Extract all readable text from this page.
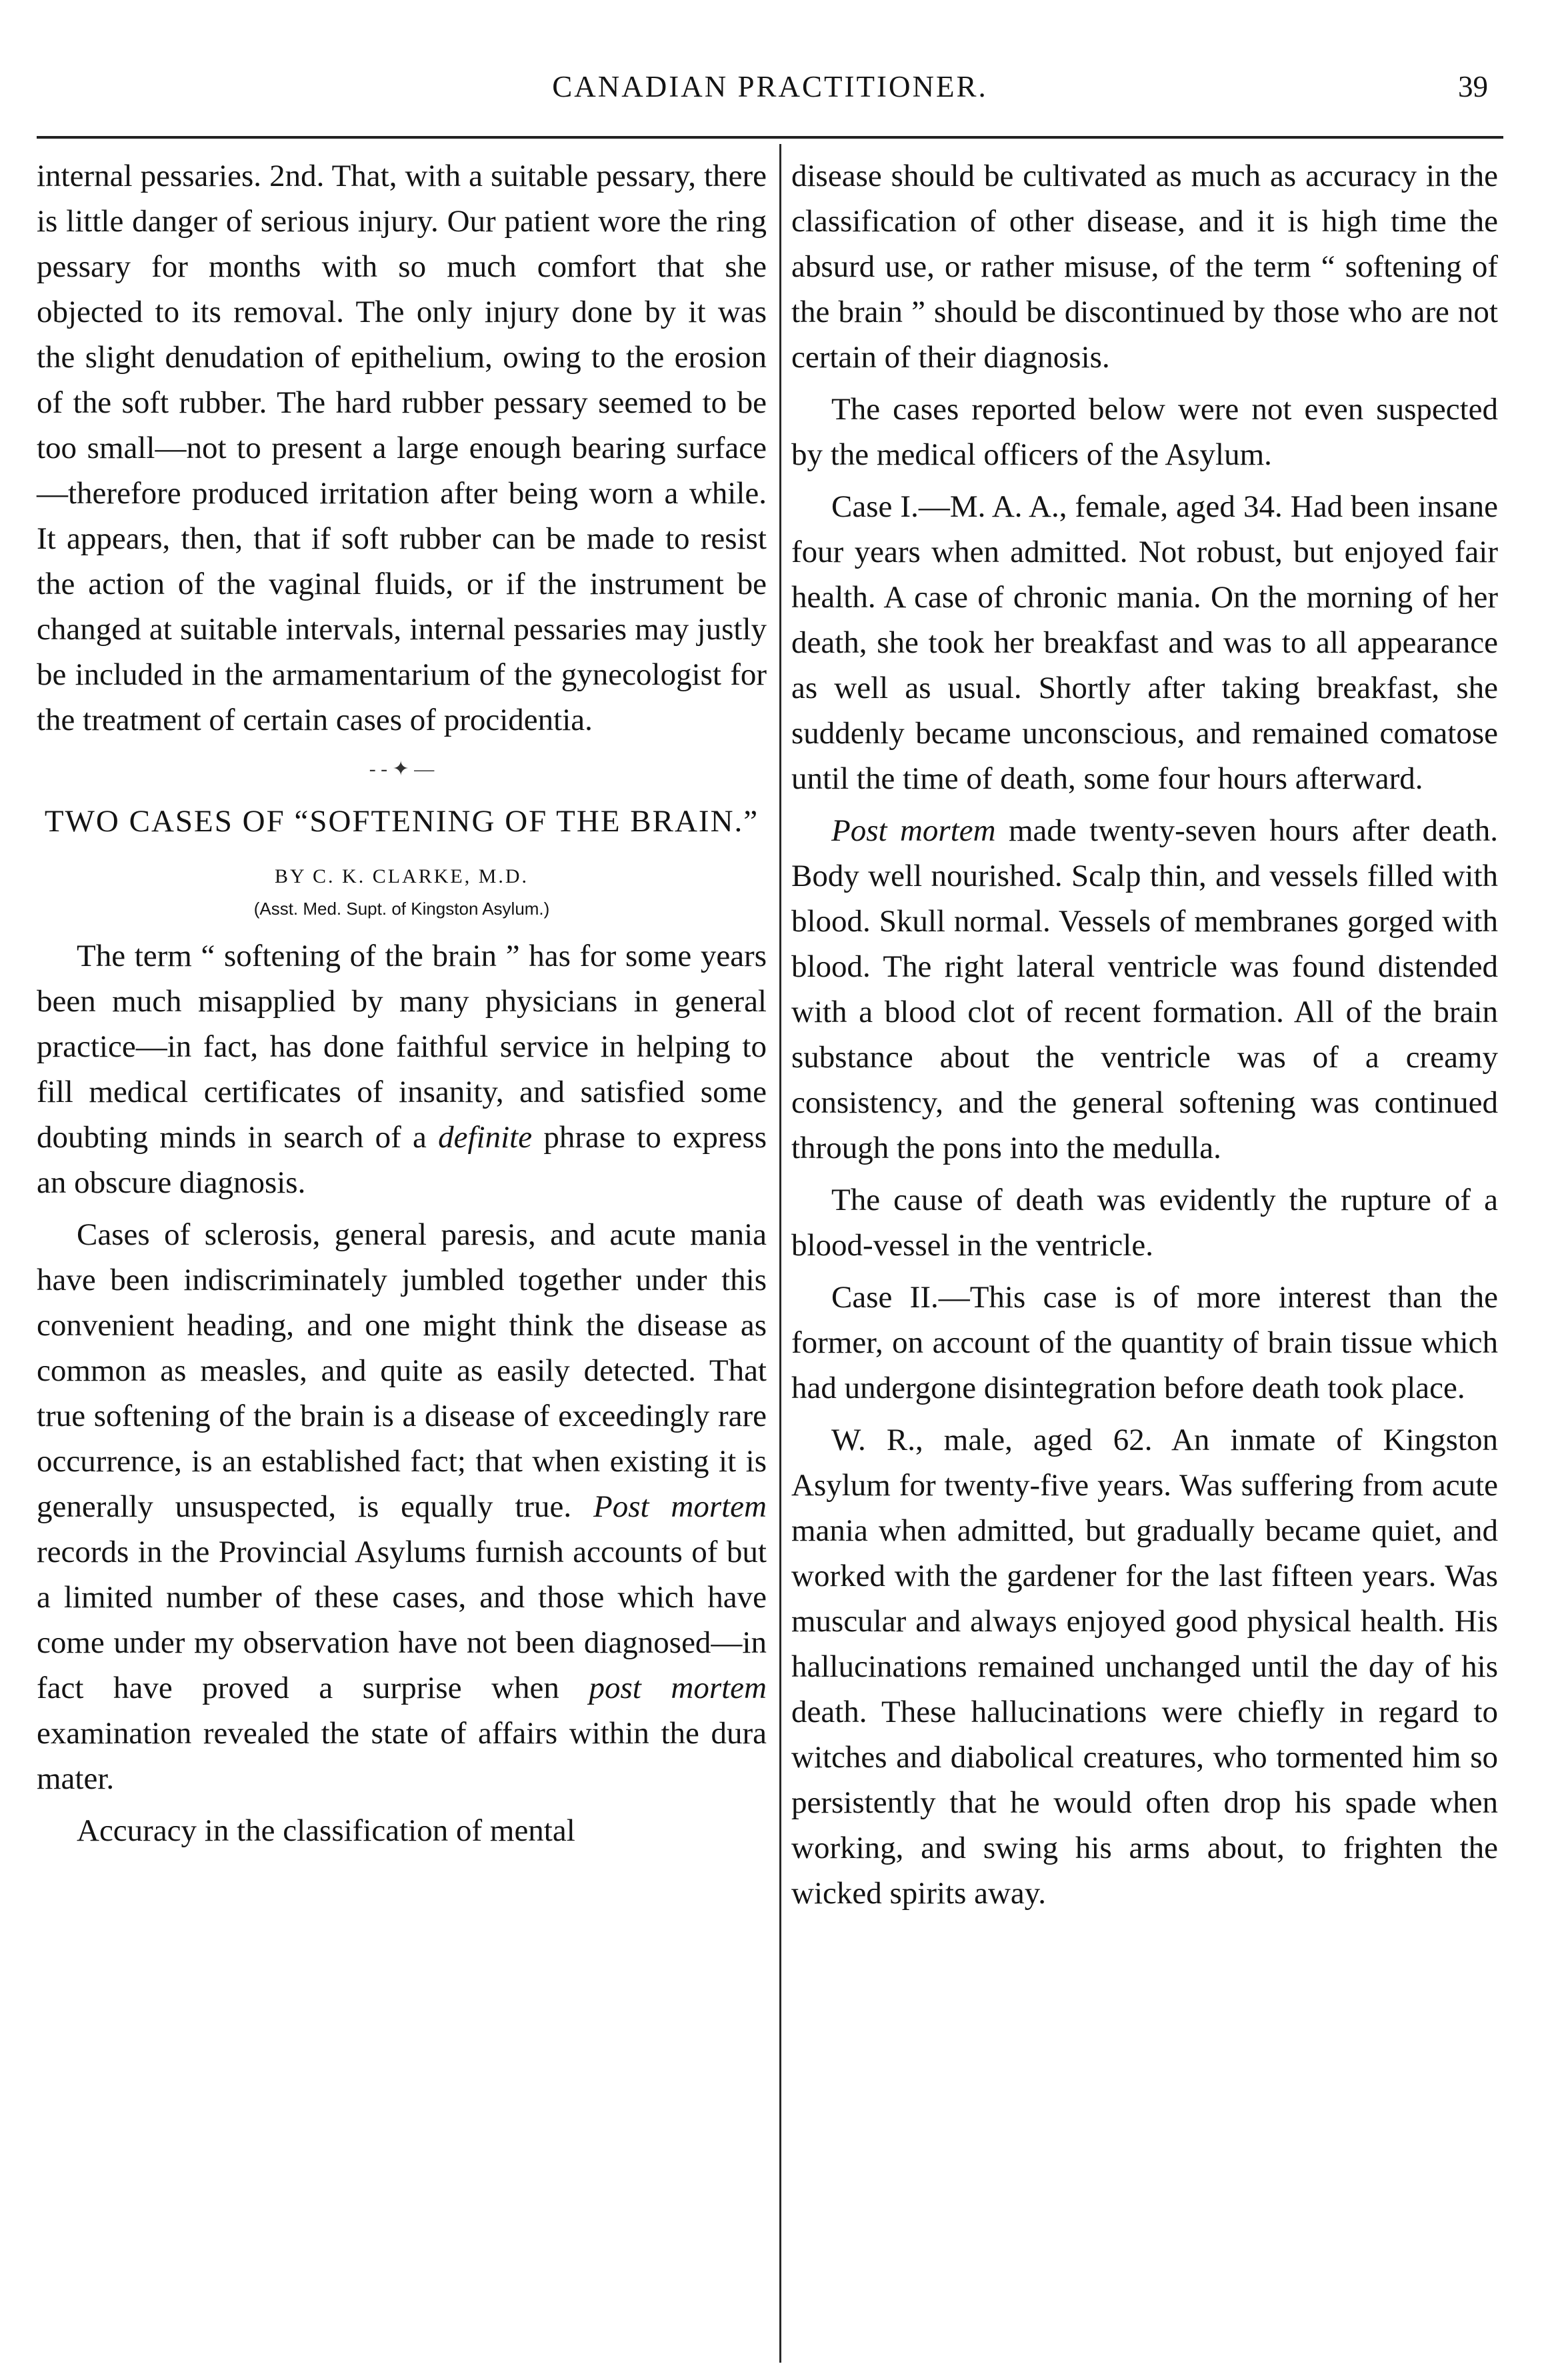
CANADIAN PRACTITIONER.	39

internal pessaries. 2nd. That, with a suitable pessary, there is little danger of serious injury. Our patient wore the ring pessary for months with so much comfort that she objected to its removal. The only injury done by it was the slight denudation of epithelium, owing to the erosion of the soft rubber. The hard rubber pessary seemed to be too small—not to present a large enough bearing surface—therefore produced irritation after being worn a while. It appears, then, that if soft rubber can be made to resist the action of the vaginal fluids, or if the instrument be changed at suitable intervals, internal pessaries may justly be included in the armamentarium of the gynecologist for the treatment of certain cases of procidentia.

- - ✦ —
TWO CASES OF “SOFTENING OF THE BRAIN.”
BY C. K. CLARKE, M.D.
(Asst. Med. Supt. of Kingston Asylum.)

The term “ softening of the brain ” has for some years been much misapplied by many physicians in general practice—in fact, has done faithful service in helping to fill medical certificates of insanity, and satisfied some doubting minds in search of a definite phrase to express an obscure diagnosis.

Cases of sclerosis, general paresis, and acute mania have been indiscriminately jumbled together under this convenient heading, and one might think the disease as common as measles, and quite as easily detected. That true softening of the brain is a disease of exceedingly rare occurrence, is an established fact; that when existing it is generally unsuspected, is equally true. Post mortem records in the Provincial Asylums furnish accounts of but a limited number of these cases, and those which have come under my observation have not been diagnosed—in fact have proved a surprise when post mortem examination revealed the state of affairs within the dura mater.

Accuracy in the classification of mental

disease should be cultivated as much as accuracy in the classification of other disease, and it is high time the absurd use, or rather misuse, of the term “ softening of the brain ” should be discontinued by those who are not certain of their diagnosis.

The cases reported below were not even suspected by the medical officers of the Asylum.

Case I.—M. A. A., female, aged 34. Had been insane four years when admitted. Not robust, but enjoyed fair health. A case of chronic mania. On the morning of her death, she took her breakfast and was to all appearance as well as usual. Shortly after taking breakfast, she suddenly became unconscious, and remained comatose until the time of death, some four hours afterward.

Post mortem made twenty-seven hours after death. Body well nourished. Scalp thin, and vessels filled with blood. Skull normal. Vessels of membranes gorged with blood. The right lateral ventricle was found distended with a blood clot of recent formation. All of the brain substance about the ventricle was of a creamy consistency, and the general softening was continued through the pons into the medulla.

The cause of death was evidently the rupture of a blood-vessel in the ventricle.

Case II.—This case is of more interest than the former, on account of the quantity of brain tissue which had undergone disintegration before death took place.

W. R., male, aged 62. An inmate of Kingston Asylum for twenty-five years. Was suffering from acute mania when admitted, but gradually became quiet, and worked with the gardener for the last fifteen years. Was muscular and always enjoyed good physical health. His hallucinations remained unchanged until the day of his death. These hallucinations were chiefly in regard to witches and diabolical creatures, who tormented him so persistently that he would often drop his spade when working, and swing his arms about, to frighten the wicked spirits away.
